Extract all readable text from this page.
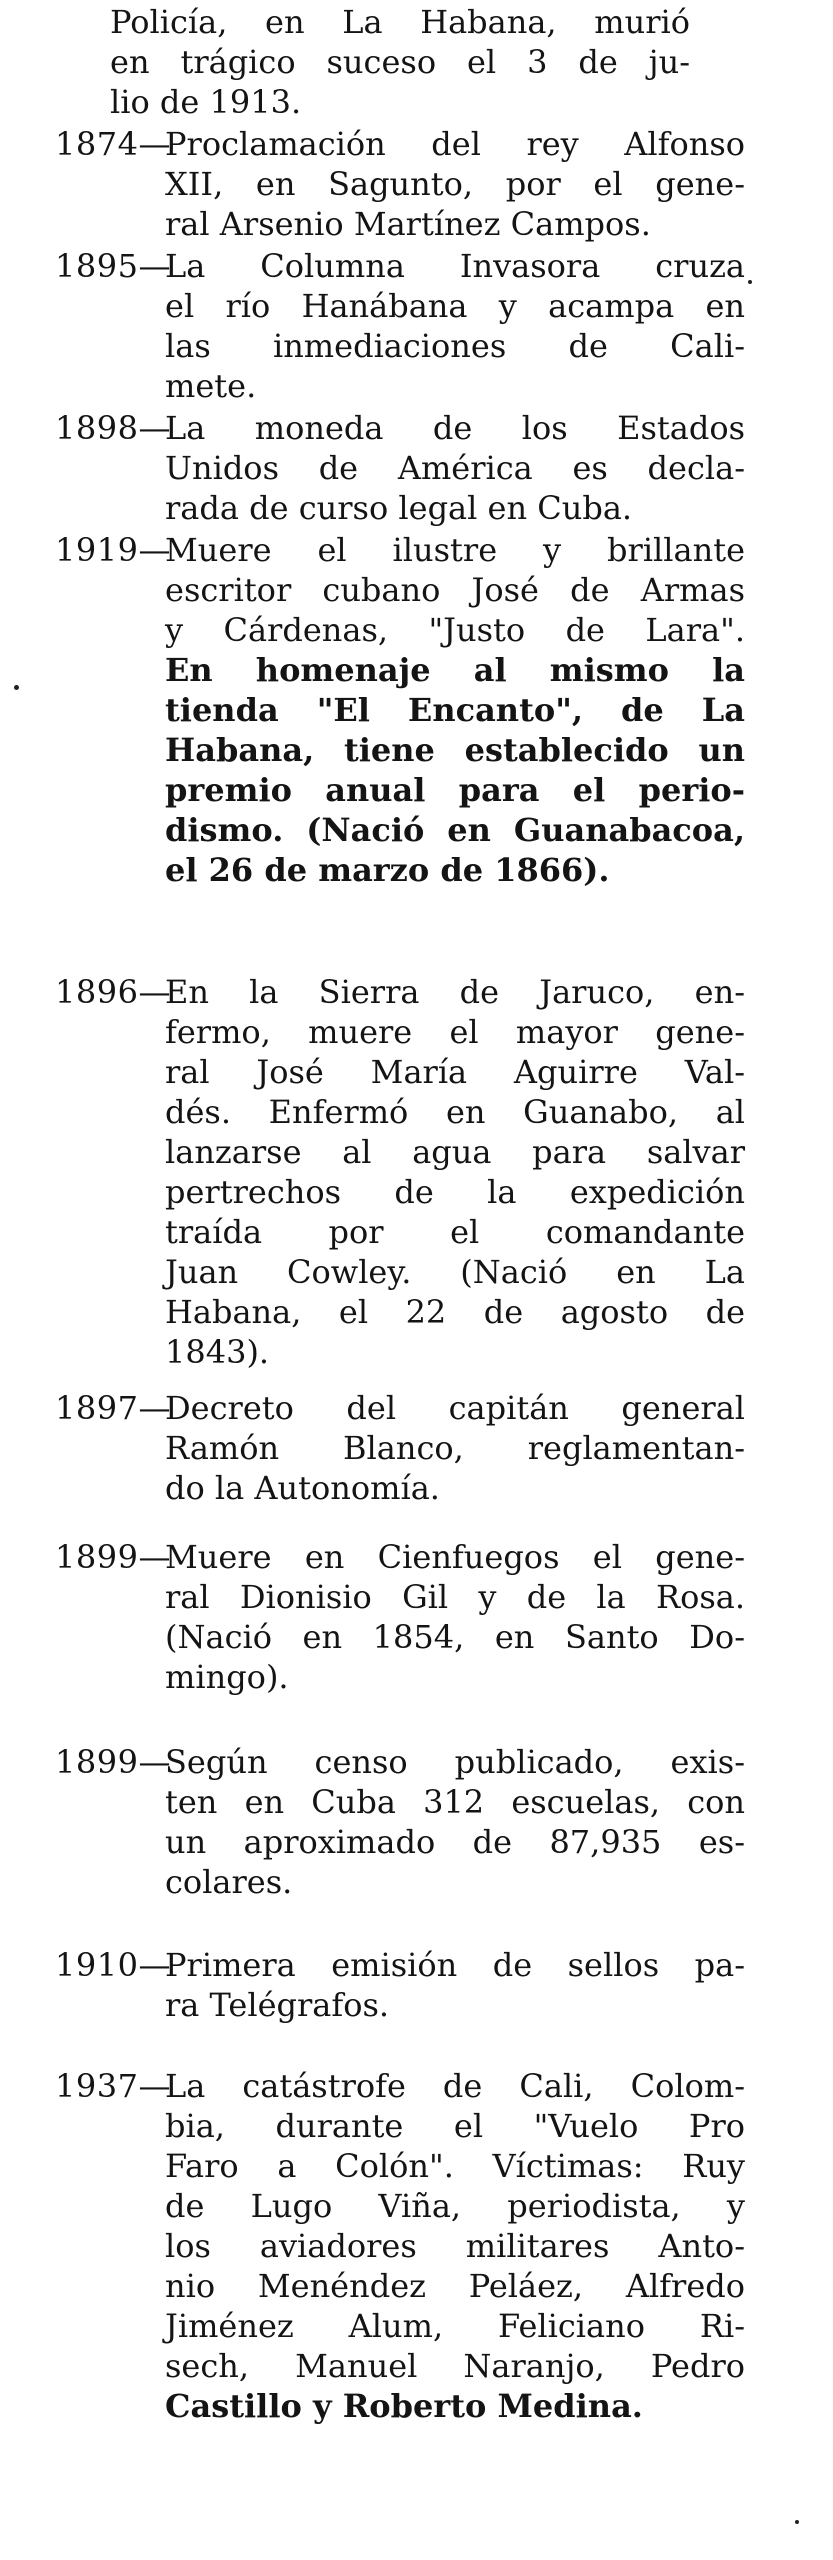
Policía, en La Habana, murió
en trágico suceso el 3 de ju-
lio de 1913.
1874—
Proclamación del rey Alfonso
XII, en Sagunto, por el gene-
ral Arsenio Martínez Campos.
1895—
La Columna Invasora cruza
el río Hanábana y acampa en
las inmediaciones de Cali-
mete.
1898—
La moneda de los Estados
Unidos de América es decla-
rada de curso legal en Cuba.
1919—
Muere el ilustre y brillante
escritor cubano José de Armas
y Cárdenas, "Justo de Lara".
En homenaje al mismo la
tienda "El Encanto", de La
Habana, tiene establecido un
premio anual para el perio-
dismo. (Nació en Guanabacoa,
el 26 de marzo de 1866).
1896—
En la Sierra de Jaruco, en-
fermo, muere el mayor gene-
ral José María Aguirre Val-
dés. Enfermó en Guanabo, al
lanzarse al agua para salvar
pertrechos de la expedición
traída por el comandante
Juan Cowley. (Nació en La
Habana, el 22 de agosto de
1843).
1897—
Decreto del capitán general
Ramón Blanco, reglamentan-
do la Autonomía.
1899—
Muere en Cienfuegos el gene-
ral Dionisio Gil y de la Rosa.
(Nació en 1854, en Santo Do-
mingo).
1899—
Según censo publicado, exis-
ten en Cuba 312 escuelas, con
un aproximado de 87,935 es-
colares.
1910—
Primera emisión de sellos pa-
ra Telégrafos.
1937—
La catástrofe de Cali, Colom-
bia, durante el "Vuelo Pro
Faro a Colón". Víctimas: Ruy
de Lugo Viña, periodista, y
los aviadores militares Anto-
nio Menéndez Peláez, Alfredo
Jiménez Alum, Feliciano Ri-
sech, Manuel Naranjo, Pedro
Castillo y Roberto Medina.
